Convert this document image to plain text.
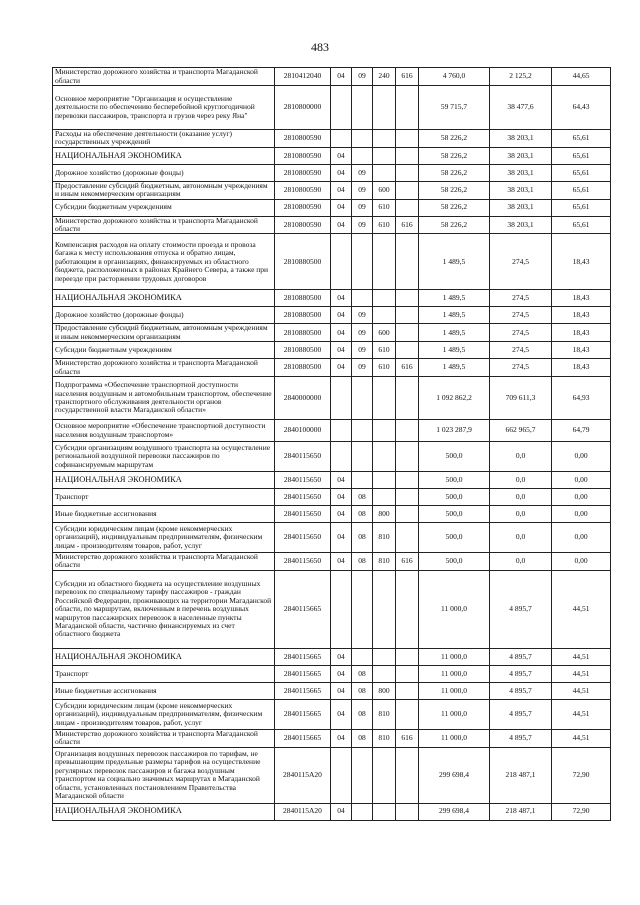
483
Министерство дорожного хозяйства и транспорта Магаданской области	2810412040	04	09	240	616	4 760,0	2 125,2	44,65
Основное мероприятие "Организация и осуществление деятельности по обеспечению бесперебойной круглогодичной перевозки пассажиров, транспорта и грузов через реку Яна"	2810800000					59 715,7	38 477,6	64,43
Расходы на обеспечение деятельности (оказание услуг) государственных учреждений	2810800590					58 226,2	38 203,1	65,61
НАЦИОНАЛЬНАЯ ЭКОНОМИКА	2810800590	04				58 226,2	38 203,1	65,61
Дорожное хозяйство (дорожные фонды)	2810800590	04	09			58 226,2	38 203,1	65,61
Предоставление субсидий бюджетным, автономным учреждениям и иным некоммерческим организациям	2810800590	04	09	600		58 226,2	38 203,1	65,61
Субсидии бюджетным учреждениям	2810800590	04	09	610		58 226,2	38 203,1	65,61
Министерство дорожного хозяйства и транспорта Магаданской области	2810800590	04	09	610	616	58 226,2	38 203,1	65,61
Компенсация расходов на оплату стоимости проезда и провоза багажа к месту использования отпуска и обратно лицам, работающим в организациях, финансируемых из областного бюджета, расположенных в районах Крайнего Севера, а также при переезде при расторжении трудовых договоров	2810880500					1 489,5	274,5	18,43
НАЦИОНАЛЬНАЯ ЭКОНОМИКА	2810880500	04				1 489,5	274,5	18,43
Дорожное хозяйство (дорожные фонды)	2810880500	04	09			1 489,5	274,5	18,43
Предоставление субсидий бюджетным, автономным учреждениям и иным некоммерческим организациям	2810880500	04	09	600		1 489,5	274,5	18,43
Субсидии бюджетным учреждениям	2810880500	04	09	610		1 489,5	274,5	18,43
Министерство дорожного хозяйства и транспорта Магаданской области	2810880500	04	09	610	616	1 489,5	274,5	18,43
Подпрограмма «Обеспечение транспортной доступности населения воздушным и автомобильным транспортом, обеспечение транспортного обслуживания деятельности органов государственной власти Магаданской области»	2840000000					1 092 862,2	709 611,3	64,93
Основное мероприятие «Обеспечение транспортной доступности населения воздушным транспортом»	2840100000					1 023 287,9	662 965,7	64,79
Субсидии организациям воздушного транспорта на осуществление региональной воздушной перевозки пассажиров по софинансируемым маршрутам	2840115650					500,0	0,0	0,00
НАЦИОНАЛЬНАЯ ЭКОНОМИКА	2840115650	04				500,0	0,0	0,00
Транспорт	2840115650	04	08			500,0	0,0	0,00
Иные бюджетные ассигнования	2840115650	04	08	800		500,0	0,0	0,00
Субсидии юридическим лицам (кроме некоммерческих организаций), индивидуальным предпринимателям, физическим лицам - производителям товаров, работ, услуг	2840115650	04	08	810		500,0	0,0	0,00
Министерство дорожного хозяйства и транспорта Магаданской области	2840115650	04	08	810	616	500,0	0,0	0,00
Субсидии из областного бюджета на осуществление воздушных перевозок по специальному тарифу пассажиров - граждан Российской Федерации, проживающих на территории Магаданской области, по маршрутам, включенным в перечень воздушных маршрутов пассажирских перевозок в населенные пункты Магаданской области, частично финансируемых из счет областного бюджета	2840115665					11 000,0	4 895,7	44,51
НАЦИОНАЛЬНАЯ ЭКОНОМИКА	2840115665	04				11 000,0	4 895,7	44,51
Транспорт	2840115665	04	08			11 000,0	4 895,7	44,51
Иные бюджетные ассигнования	2840115665	04	08	800		11 000,0	4 895,7	44,51
Субсидии юридическим лицам (кроме некоммерческих организаций), индивидуальным предпринимателям, физическим лицам - производителям товаров, работ, услуг	2840115665	04	08	810		11 000,0	4 895,7	44,51
Министерство дорожного хозяйства и транспорта Магаданской области	2840115665	04	08	810	616	11 000,0	4 895,7	44,51
Организация воздушных перевозок пассажиров по тарифам, не превышающим предельные размеры тарифов на осуществление регулярных перевозок пассажиров и багажа воздушным транспортом на социально значимых маршрутах в Магаданской области, установленных постановлением Правительства Магаданской области	2840115А20					299 698,4	218 487,1	72,90
НАЦИОНАЛЬНАЯ ЭКОНОМИКА	2840115А20	04				299 698,4	218 487,1	72,90
